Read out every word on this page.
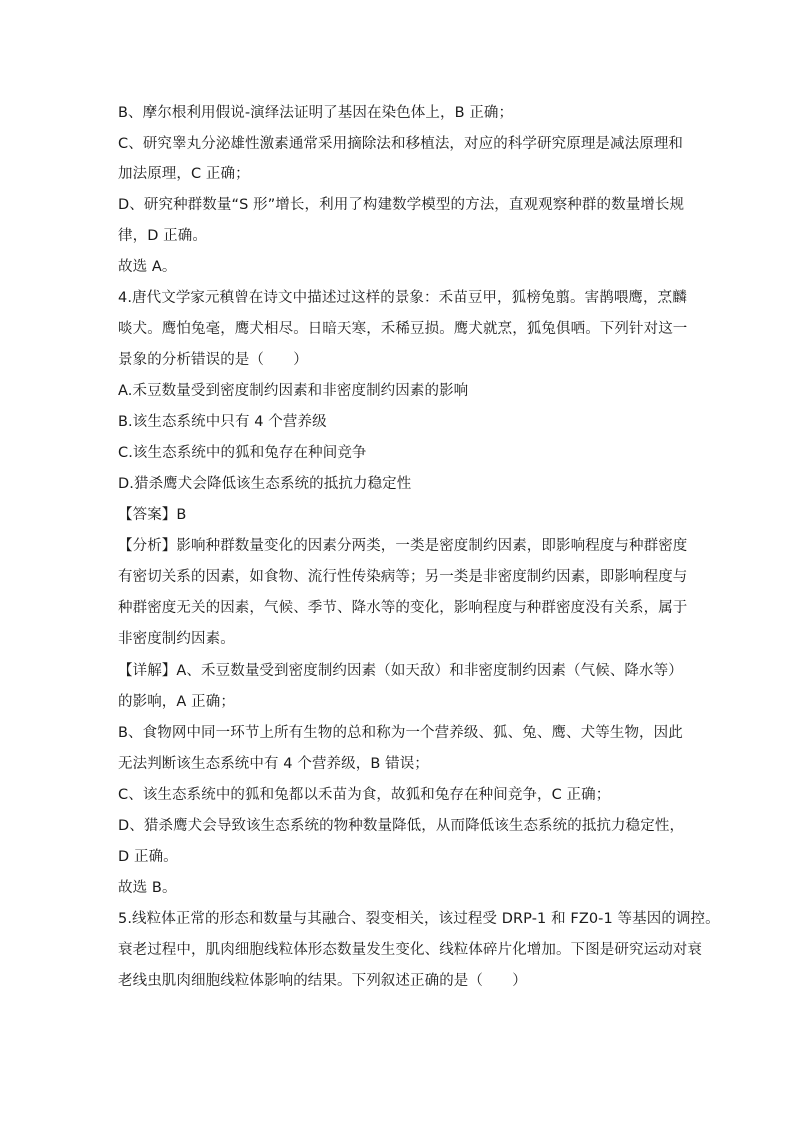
B、摩尔根利用假说-演绎法证明了基因在染色体上，B 正确；
C、研究睾丸分泌雄性激素通常采用摘除法和移植法，对应的科学研究原理是减法原理和
加法原理，C 正确；
D、研究种群数量“S 形”增长，利用了构建数学模型的方法，直观观察种群的数量增长规
律，D 正确。
故选 A。
4.唐代文学家元稹曾在诗文中描述过这样的景象：禾苗豆甲，狐榜兔翦。害鹊喂鹰，烹麟
啖犬。鹰怕兔毫，鹰犬相尽。日暗天寒，禾稀豆损。鹰犬就烹，狐兔俱哂。下列针对这一
景象的分析错误的是（　　）
A.禾豆数量受到密度制约因素和非密度制约因素的影响
B.该生态系统中只有 4 个营养级
C.该生态系统中的狐和兔存在种间竞争
D.猎杀鹰犬会降低该生态系统的抵抗力稳定性
【答案】B
【分析】影响种群数量变化的因素分两类，一类是密度制约因素，即影响程度与种群密度
有密切关系的因素，如食物、流行性传染病等；另一类是非密度制约因素，即影响程度与
种群密度无关的因素，气候、季节、降水等的变化，影响程度与种群密度没有关系，属于
非密度制约因素。
【详解】A、禾豆数量受到密度制约因素（如天敌）和非密度制约因素（气候、降水等）
的影响，A 正确；
B、食物网中同一环节上所有生物的总和称为一个营养级、狐、兔、鹰、犬等生物，因此
无法判断该生态系统中有 4 个营养级，B 错误；
C、该生态系统中的狐和兔都以禾苗为食，故狐和兔存在种间竞争，C 正确；
D、猎杀鹰犬会导致该生态系统的物种数量降低，从而降低该生态系统的抵抗力稳定性，
D 正确。
故选 B。
5.线粒体正常的形态和数量与其融合、裂变相关，该过程受 DRP-1 和 FZ0-1 等基因的调控。
衰老过程中，肌肉细胞线粒体形态数量发生变化、线粒体碎片化增加。下图是研究运动对衰
老线虫肌肉细胞线粒体影响的结果。下列叙述正确的是（　　）
